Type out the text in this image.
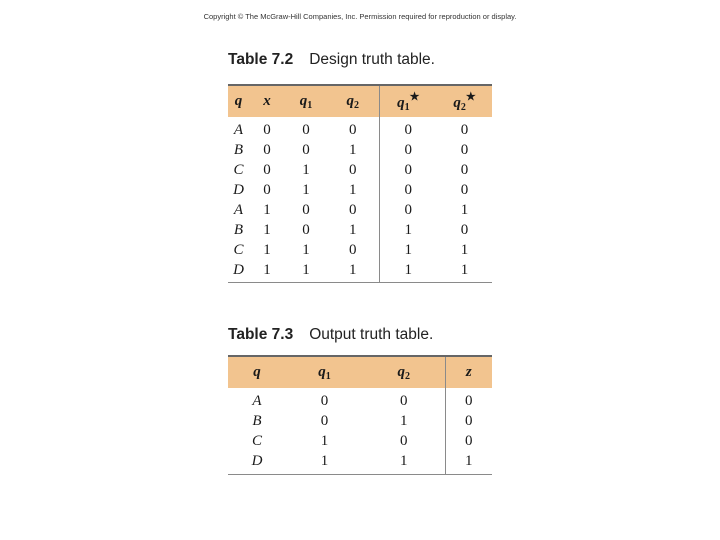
Copyright © The McGraw-Hill Companies, Inc. Permission required for reproduction or display.
Table 7.2 Design truth table.
q	x	$q_1$	$q_2$	$q_1^★$	$q_2^★$
A	0	0	0	0	0
B	0	0	1	0	0
C	0	1	0	0	0
D	0	1	1	0	0
A	1	0	0	0	1
B	1	0	1	1	0
C	1	1	0	1	1
D	1	1	1	1	1
Table 7.3 Output truth table.
q	$q_1$	$q_2$	z
A	0	0	0
B	0	1	0
C	1	0	0
D	1	1	1
